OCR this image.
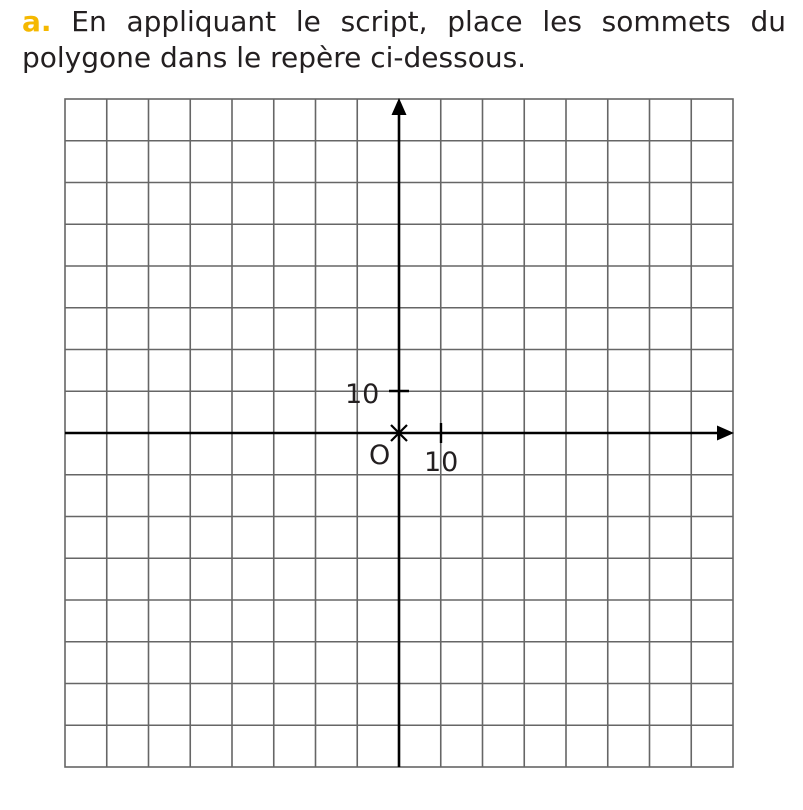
a. En appliquant le script, place les sommets du polygone dans le repère ci-dessous.

10
O 10
